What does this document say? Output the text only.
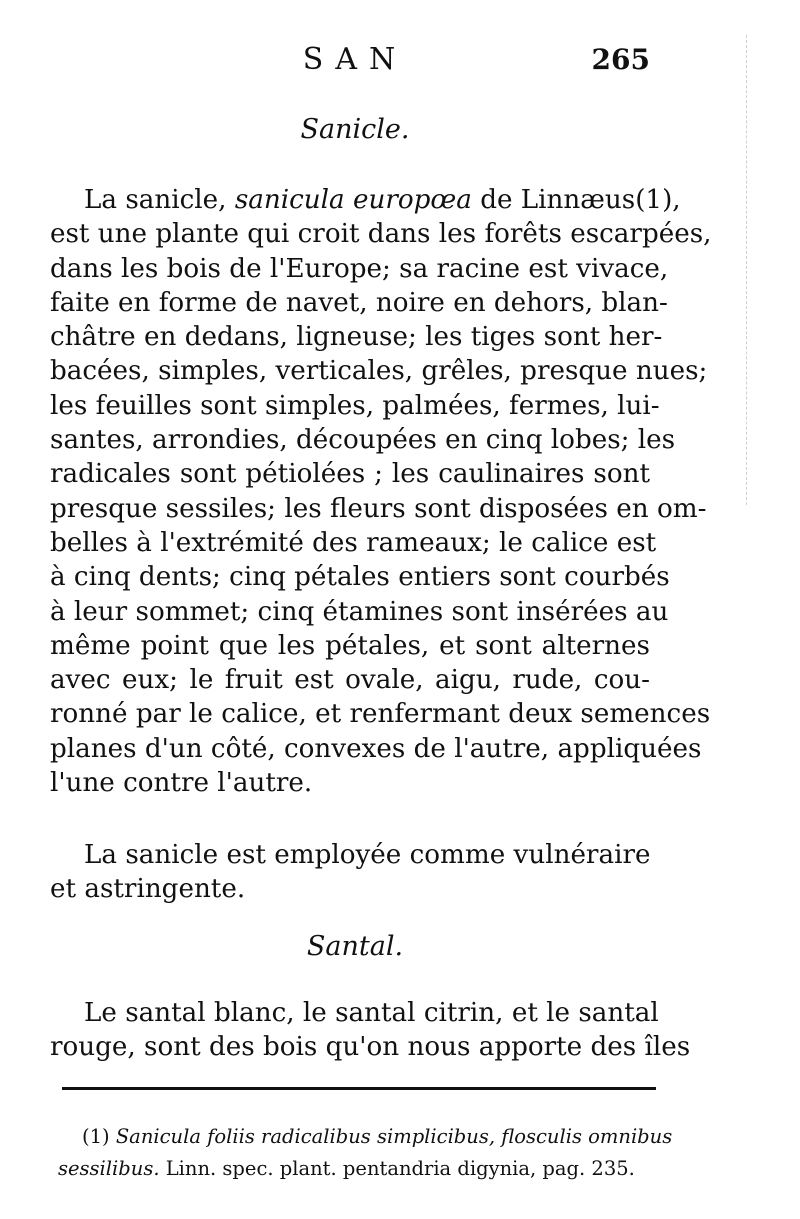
SAN	265
Sanicle.
La sanicle, sanicula europœa de Linnæus(1),
est une plante qui croit dans les forêts escarpées,
dans les bois de l'Europe; sa racine est vivace,
faite en forme de navet, noire en dehors, blan-
châtre en dedans, ligneuse; les tiges sont her-
bacées, simples, verticales, grêles, presque nues;
les feuilles sont simples, palmées, fermes, lui-
santes, arrondies, découpées en cinq lobes; les
radicales sont pétiolées ; les caulinaires sont
presque sessiles; les fleurs sont disposées en om-
belles à l'extrémité des rameaux; le calice est
à cinq dents; cinq pétales entiers sont courbés
à leur sommet; cinq étamines sont insérées au
même point que les pétales, et sont alternes
avec eux; le fruit est ovale, aigu, rude, cou-
ronné par le calice, et renfermant deux semences
planes d'un côté, convexes de l'autre, appliquées
l'une contre l'autre.
La sanicle est employée comme vulnéraire
et astringente.
Santal.
Le santal blanc, le santal citrin, et le santal
rouge, sont des bois qu'on nous apporte des îles
(1) Sanicula foliis radicalibus simplicibus, flosculis omnibus
sessilibus. Linn. spec. plant. pentandria digynia, pag. 235.
